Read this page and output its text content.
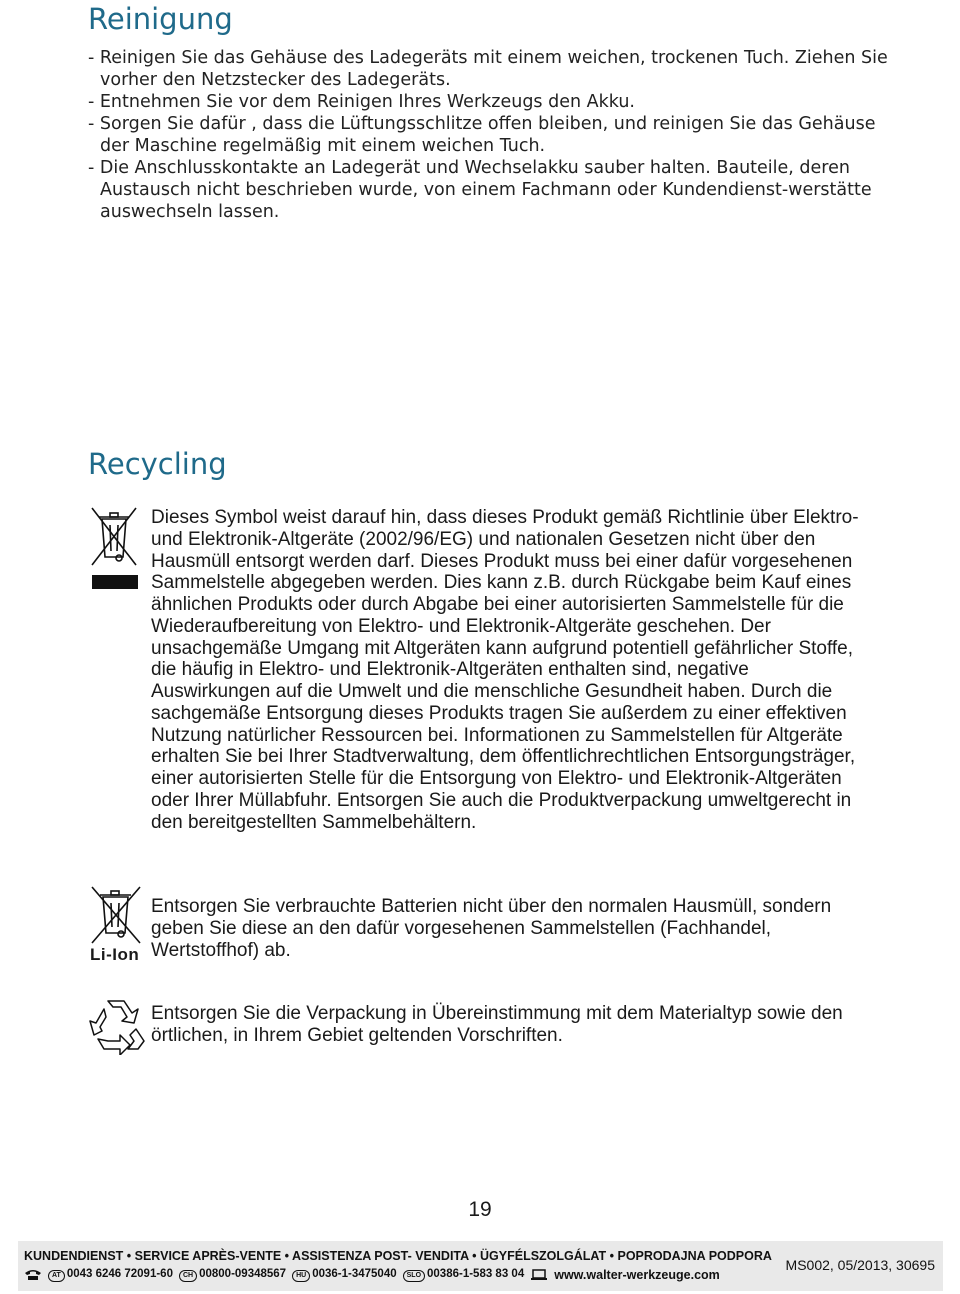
Reinigung
- Reinigen Sie das Gehäuse des Ladegeräts mit einem weichen, trockenen Tuch. Ziehen Sie vorher den Netzstecker des Ladegeräts.
- Entnehmen Sie vor dem Reinigen Ihres Werkzeugs den Akku.
- Sorgen Sie dafür , dass die Lüftungsschlitze offen bleiben, und reinigen Sie das Gehäuse der Maschine regelmäßig mit einem weichen Tuch.
- Die Anschlusskontakte an Ladegerät und Wechselakku sauber halten. Bauteile, deren Austausch nicht beschrieben wurde, von einem Fachmann oder Kundendienst-werstätte auswechseln lassen.
Recycling

Dieses Symbol weist darauf hin, dass dieses Produkt gemäß Richtlinie über Elektro- und Elektronik-Altgeräte (2002/96/EG) und nationalen Gesetzen nicht über den Hausmüll entsorgt werden darf. Dieses Produkt muss bei einer dafür vorgesehenen Sammelstelle abgegeben werden. Dies kann z.B. durch Rückgabe beim Kauf eines ähnlichen Produkts oder durch Abgabe bei einer autorisierten Sammelstelle für die Wiederaufbereitung von Elektro- und Elektronik-Altgeräte geschehen. Der unsachgemäße Umgang mit Altgeräten kann aufgrund potentiell gefährlicher Stoffe, die häufig in Elektro- und Elektronik-Altgeräten enthalten sind, negative Auswirkungen auf die Umwelt und die menschliche Gesundheit haben. Durch die sachgemäße Entsorgung dieses Produkts tragen Sie außerdem zu einer effektiven Nutzung natürlicher Ressourcen bei. Informationen zu Sammelstellen für Altgeräte erhalten Sie bei Ihrer Stadtverwaltung, dem öffentlichrechtlichen Entsorgungsträger, einer autorisierten Stelle für die Entsorgung von Elektro- und Elektronik-Altgeräten oder Ihrer Müllabfuhr. Entsorgen Sie auch die Produktverpackung umweltgerecht in den bereitgestellten Sammelbehältern.

Li-Ion

Entsorgen Sie verbrauchte Batterien nicht über den normalen Hausmüll, sondern geben Sie diese an den dafür vorgesehenen Sammelstellen (Fachhandel, Wertstoffhof) ab.

Entsorgen Sie die Verpackung in Übereinstimmung mit dem Materialtyp sowie den örtlichen, in Ihrem Gebiet geltenden Vorschriften.

19
KUNDENDIENST • SERVICE APRÈS-VENTE • ASSISTENZA POST- VENDITA • ÜGYFÉLSZOLGÁLAT • POPRODAJNA PODPORA
AT 0043 6246 72091-60	CH 00800-09348567	HU 0036-1-3475040	SLO 00386-1-583 83 04 www.walter-werkzeuge.com
MS002, 05/2013, 30695
